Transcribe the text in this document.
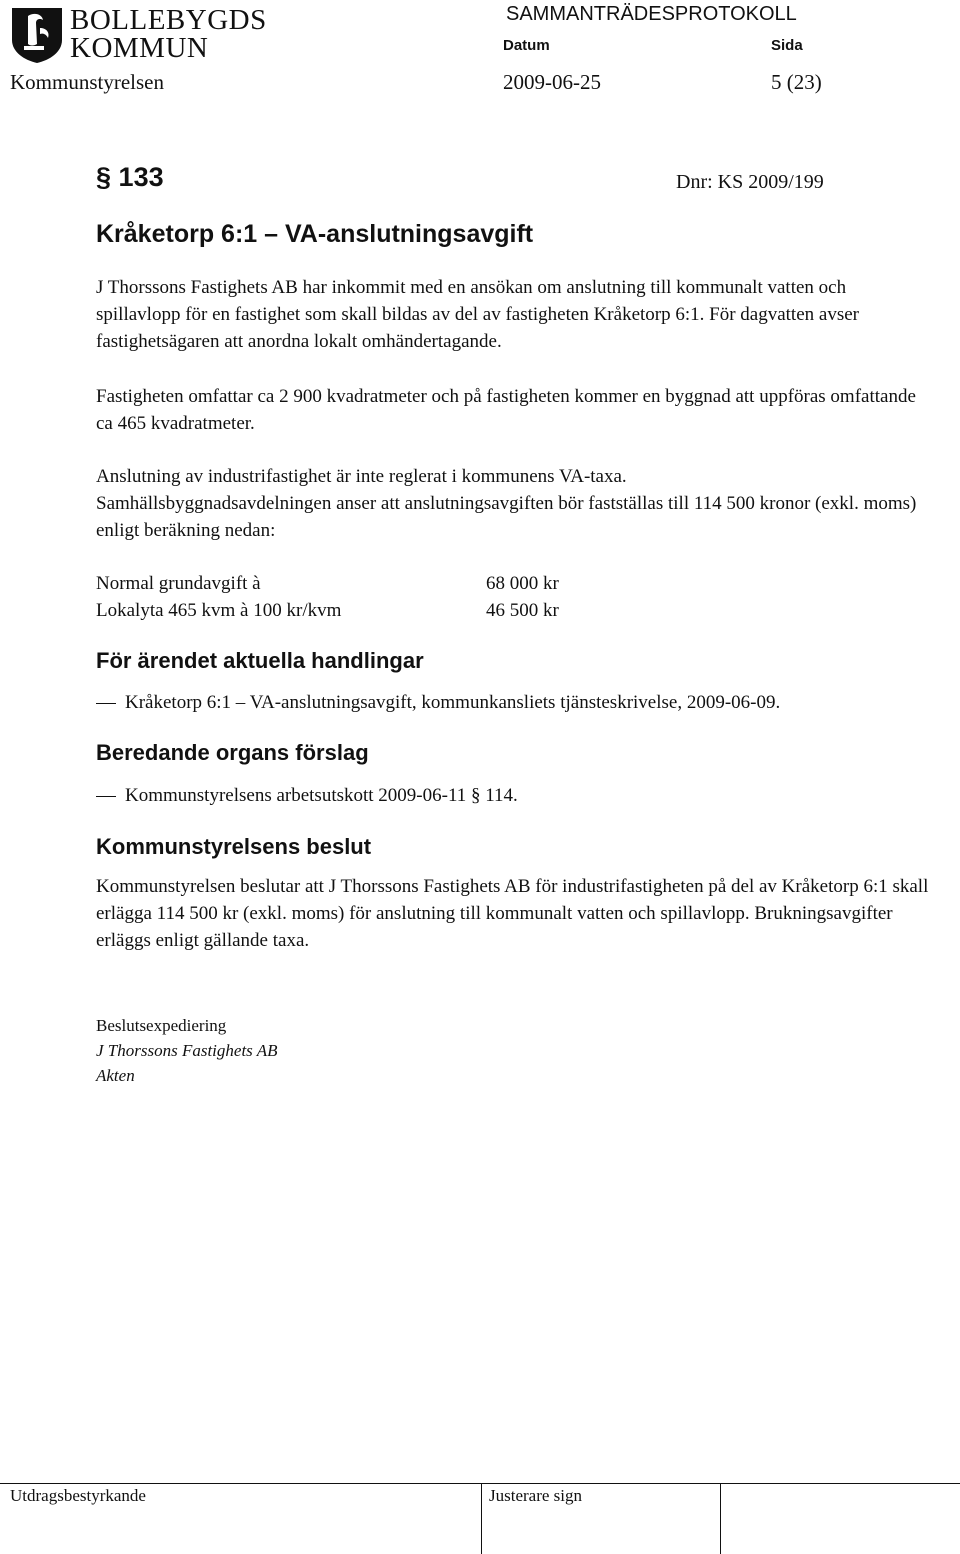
BOLLEBYGDS
KOMMUN
SAMMANTRÄDESPROTOKOLL
Datum	Sida
Kommunstyrelsen	2009-06-25	5 (23)
§ 133	Dnr: KS 2009/199
Kråketorp 6:1 – VA-anslutningsavgift

J Thorssons Fastighets AB har inkommit med en ansökan om anslutning till kommunalt vatten och spillavlopp för en fastighet som skall bildas av del av fastigheten Kråketorp 6:1. För dagvatten avser fastighetsägaren att anordna lokalt omhändertagande.

Fastigheten omfattar ca 2 900 kvadratmeter och på fastigheten kommer en byggnad att uppföras omfattande ca 465 kvadratmeter.

Anslutning av industrifastighet är inte reglerat i kommunens VA-taxa.

Samhällsbyggnadsavdelningen anser att anslutningsavgiften bör fastställas till 114 500 kronor (exkl. moms) enligt beräkning nedan:

Normal grundavgift à	68 000 kr
Lokalyta 465 kvm à 100 kr/kvm	46 500 kr
För ärendet aktuella handlingar
Kråketorp 6:1 – VA-anslutningsavgift, kommunkansliets tjänsteskrivelse, 2009-06-09.
Beredande organs förslag
Kommunstyrelsens arbetsutskott 2009-06-11 § 114.
Kommunstyrelsens beslut

Kommunstyrelsen beslutar att J Thorssons Fastighets AB för industrifastigheten på del av Kråketorp 6:1 skall erlägga 114 500 kr (exkl. moms) för anslutning till kommunalt vatten och spillavlopp. Brukningsavgifter erläggs enligt gällande taxa.

Beslutsexpediering
J Thorssons Fastighets AB
Akten
Utdragsbestyrkande	Justerare sign
